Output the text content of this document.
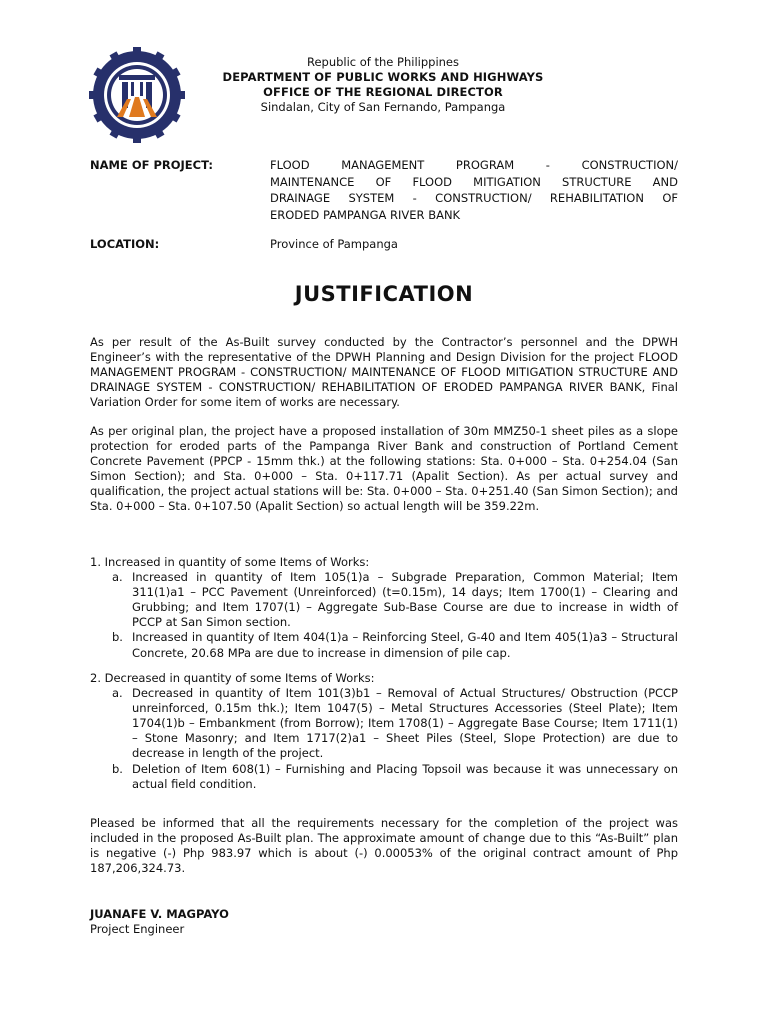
Republic of the Philippines
DEPARTMENT OF PUBLIC WORKS AND HIGHWAYS
OFFICE OF THE REGIONAL DIRECTOR
Sindalan, City of San Fernando, Pampanga
NAME OF PROJECT:	FLOOD MANAGEMENT PROGRAM - CONSTRUCTION/
MAINTENANCE OF FLOOD MITIGATION STRUCTURE AND
DRAINAGE SYSTEM - CONSTRUCTION/ REHABILITATION OF
ERODED PAMPANGA RIVER BANK
LOCATION:	Province of Pampanga
JUSTIFICATION
As per result of the As-Built survey conducted by the Contractor’s personnel and the DPWH Engineer’s with the representative of the DPWH Planning and Design Division for the project FLOOD MANAGEMENT PROGRAM - CONSTRUCTION/ MAINTENANCE OF FLOOD MITIGATION STRUCTURE AND DRAINAGE SYSTEM - CONSTRUCTION/ REHABILITATION OF ERODED PAMPANGA RIVER BANK, Final Variation Order for some item of works are necessary.
As per original plan, the project have a proposed installation of 30m MMZ50-1 sheet piles as a slope protection for eroded parts of the Pampanga River Bank and construction of Portland Cement Concrete Pavement (PPCP - 15mm thk.) at the following stations: Sta. 0+000 – Sta. 0+254.04 (San Simon Section); and Sta. 0+000 – Sta. 0+117.71 (Apalit Section). As per actual survey and qualification, the project actual stations will be: Sta. 0+000 – Sta. 0+251.40 (San Simon Section); and Sta. 0+000 – Sta. 0+107.50 (Apalit Section) so actual length will be 359.22m.
1. Increased in quantity of some Items of Works:
a. Increased in quantity of Item 105(1)a – Subgrade Preparation, Common Material; Item 311(1)a1 – PCC Pavement (Unreinforced) (t=0.15m), 14 days; Item 1700(1) – Clearing and Grubbing; and Item 1707(1) – Aggregate Sub-Base Course are due to increase in width of PCCP at San Simon section.
b. Increased in quantity of Item 404(1)a – Reinforcing Steel, G-40 and Item 405(1)a3 – Structural Concrete, 20.68 MPa are due to increase in dimension of pile cap.
2. Decreased in quantity of some Items of Works:
a. Decreased in quantity of Item 101(3)b1 – Removal of Actual Structures/ Obstruction (PCCP unreinforced, 0.15m thk.); Item 1047(5) – Metal Structures Accessories (Steel Plate); Item 1704(1)b – Embankment (from Borrow); Item 1708(1) – Aggregate Base Course; Item 1711(1) – Stone Masonry; and Item 1717(2)a1 – Sheet Piles (Steel, Slope Protection) are due to decrease in length of the project.
b. Deletion of Item 608(1) – Furnishing and Placing Topsoil was because it was unnecessary on actual field condition.
Pleased be informed that all the requirements necessary for the completion of the project was included in the proposed As-Built plan. The approximate amount of change due to this “As-Built” plan is negative (-) Php 983.97 which is about (-) 0.00053% of the original contract amount of Php 187,206,324.73.
JUANAFE V. MAGPAYO
Project Engineer
